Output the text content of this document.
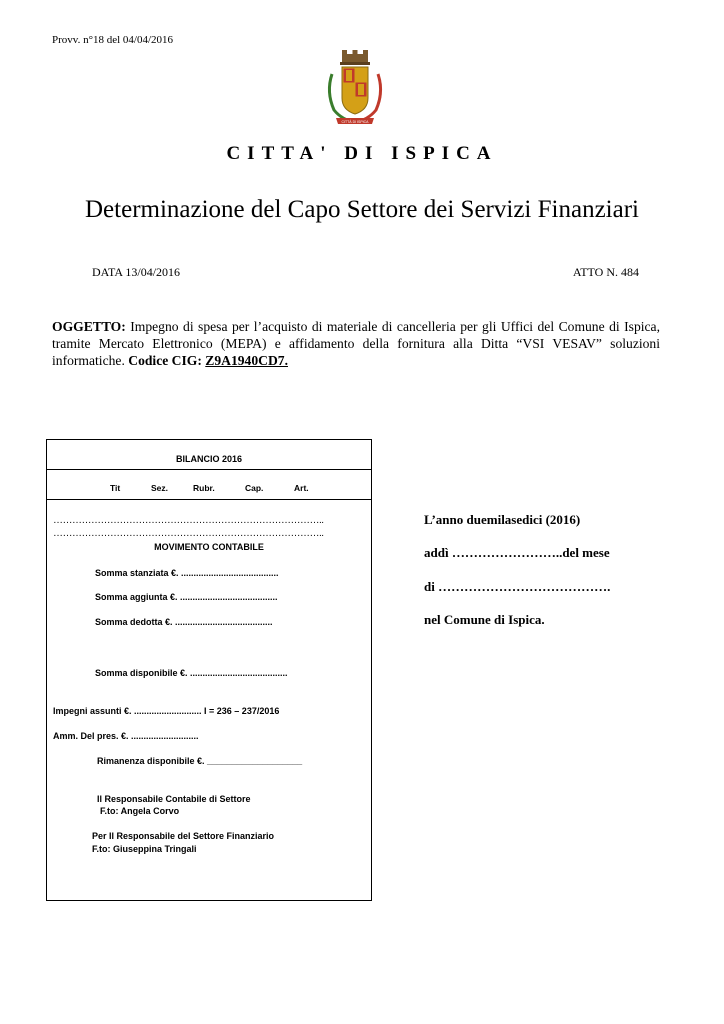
Provv. n°18 del 04/04/2016
CITTÀ DI ISPICA
CITTA' DI ISPICA
Determinazione del Capo Settore dei Servizi Finanziari
DATA 13/04/2016	ATTO N. 484
OGGETTO: Impegno di spesa per l’acquisto di materiale di cancelleria per gli Uffici del Comune di Ispica, tramite Mercato Elettronico (MEPA) e affidamento della fornitura alla Ditta “VSI VESAV” soluzioni informatiche. Codice CIG: Z9A1940CD7.
BILANCIO 2016
Tit	Sez.	Rubr.	Cap.	Art.
…………………………………………………………………………..
…………………………………………………………………………..
MOVIMENTO CONTABILE
Somma stanziata €. .......................................
Somma aggiunta €. .......................................
Somma dedotta €. .......................................
Somma disponibile €. .......................................
Impegni assunti €. ........................... I = 236 – 237/2016
Amm. Del pres. €. ...........................
Rimanenza disponibile €. ___________________
Il Responsabile Contabile di Settore
F.to: Angela Corvo
Per Il Responsabile del Settore Finanziario
F.to: Giuseppina Tringali
L’anno duemilasedici (2016)
addì ……………………..del mese
di ………………………………….
nel Comune di Ispica.
